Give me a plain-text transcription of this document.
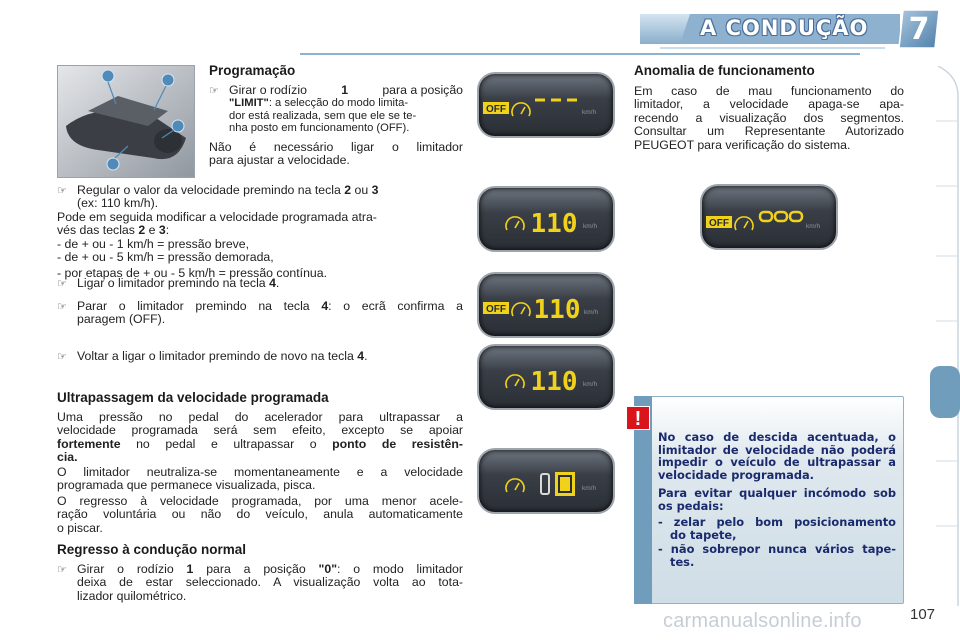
A CONDUÇÃO	7
Programação
☞ Girar o rodízio	1	para a posição
"LIMIT": a selecção do modo limita-
dor está realizada, sem que ele se te-
nha posto em funcionamento (OFF).
Não é necessário ligar o limitador
para ajustar a velocidade.
☞ Regular o valor da velocidade premindo na tecla 2 ou 3
(ex: 110 km/h).
Pode em seguida modificar a velocidade programada atra-
vés das teclas 2 e 3:
- de + ou - 1 km/h = pressão breve,
- de + ou - 5 km/h = pressão demorada,
- por etapas de + ou - 5 km/h = pressão contínua.
☞ Ligar o limitador premindo na tecla 4.
☞ Parar o limitador premindo na tecla 4: o ecrã confirma a
paragem (OFF).
☞ Voltar a ligar o limitador premindo de novo na tecla 4.
Ultrapassagem da velocidade programada
Uma pressão no pedal do acelerador para ultrapassar a
velocidade programada será sem efeito, excepto se apoiar
fortemente no pedal e ultrapassar o ponto de resistên-
cia.
O limitador neutraliza-se momentaneamente e a velocidade
programada que permanece visualizada, pisca.
O regresso à velocidade programada, por uma menor acele-
ração voluntária ou não do veículo, anula automaticamente
o piscar.
Regresso à condução normal
☞ Girar o rodízio 1 para a posição "0": o modo limitador
deixa de estar seleccionado. A visualização volta ao tota-
lizador quilométrico.
Anomalia de funcionamento
Em caso de mau funcionamento do
limitador, a velocidade apaga-se apa-
recendo a visualização dos segmentos.
Consultar um Representante Autorizado
PEUGEOT para verificação do sistema.
OFF	km/h
110 km/h
OFF 110 km/h
110 km/h
km/h
OFF	km/h
!
No caso de descida acentuada, o
limitador de velocidade não poderá
impedir o veículo de ultrapassar a
velocidade programada.
Para evitar qualquer incómodo sob
os pedais:
- zelar pelo bom posicionamento
do tapete,
- não sobrepor nunca vários tape-
tes.
107
carmanualsonline.info
